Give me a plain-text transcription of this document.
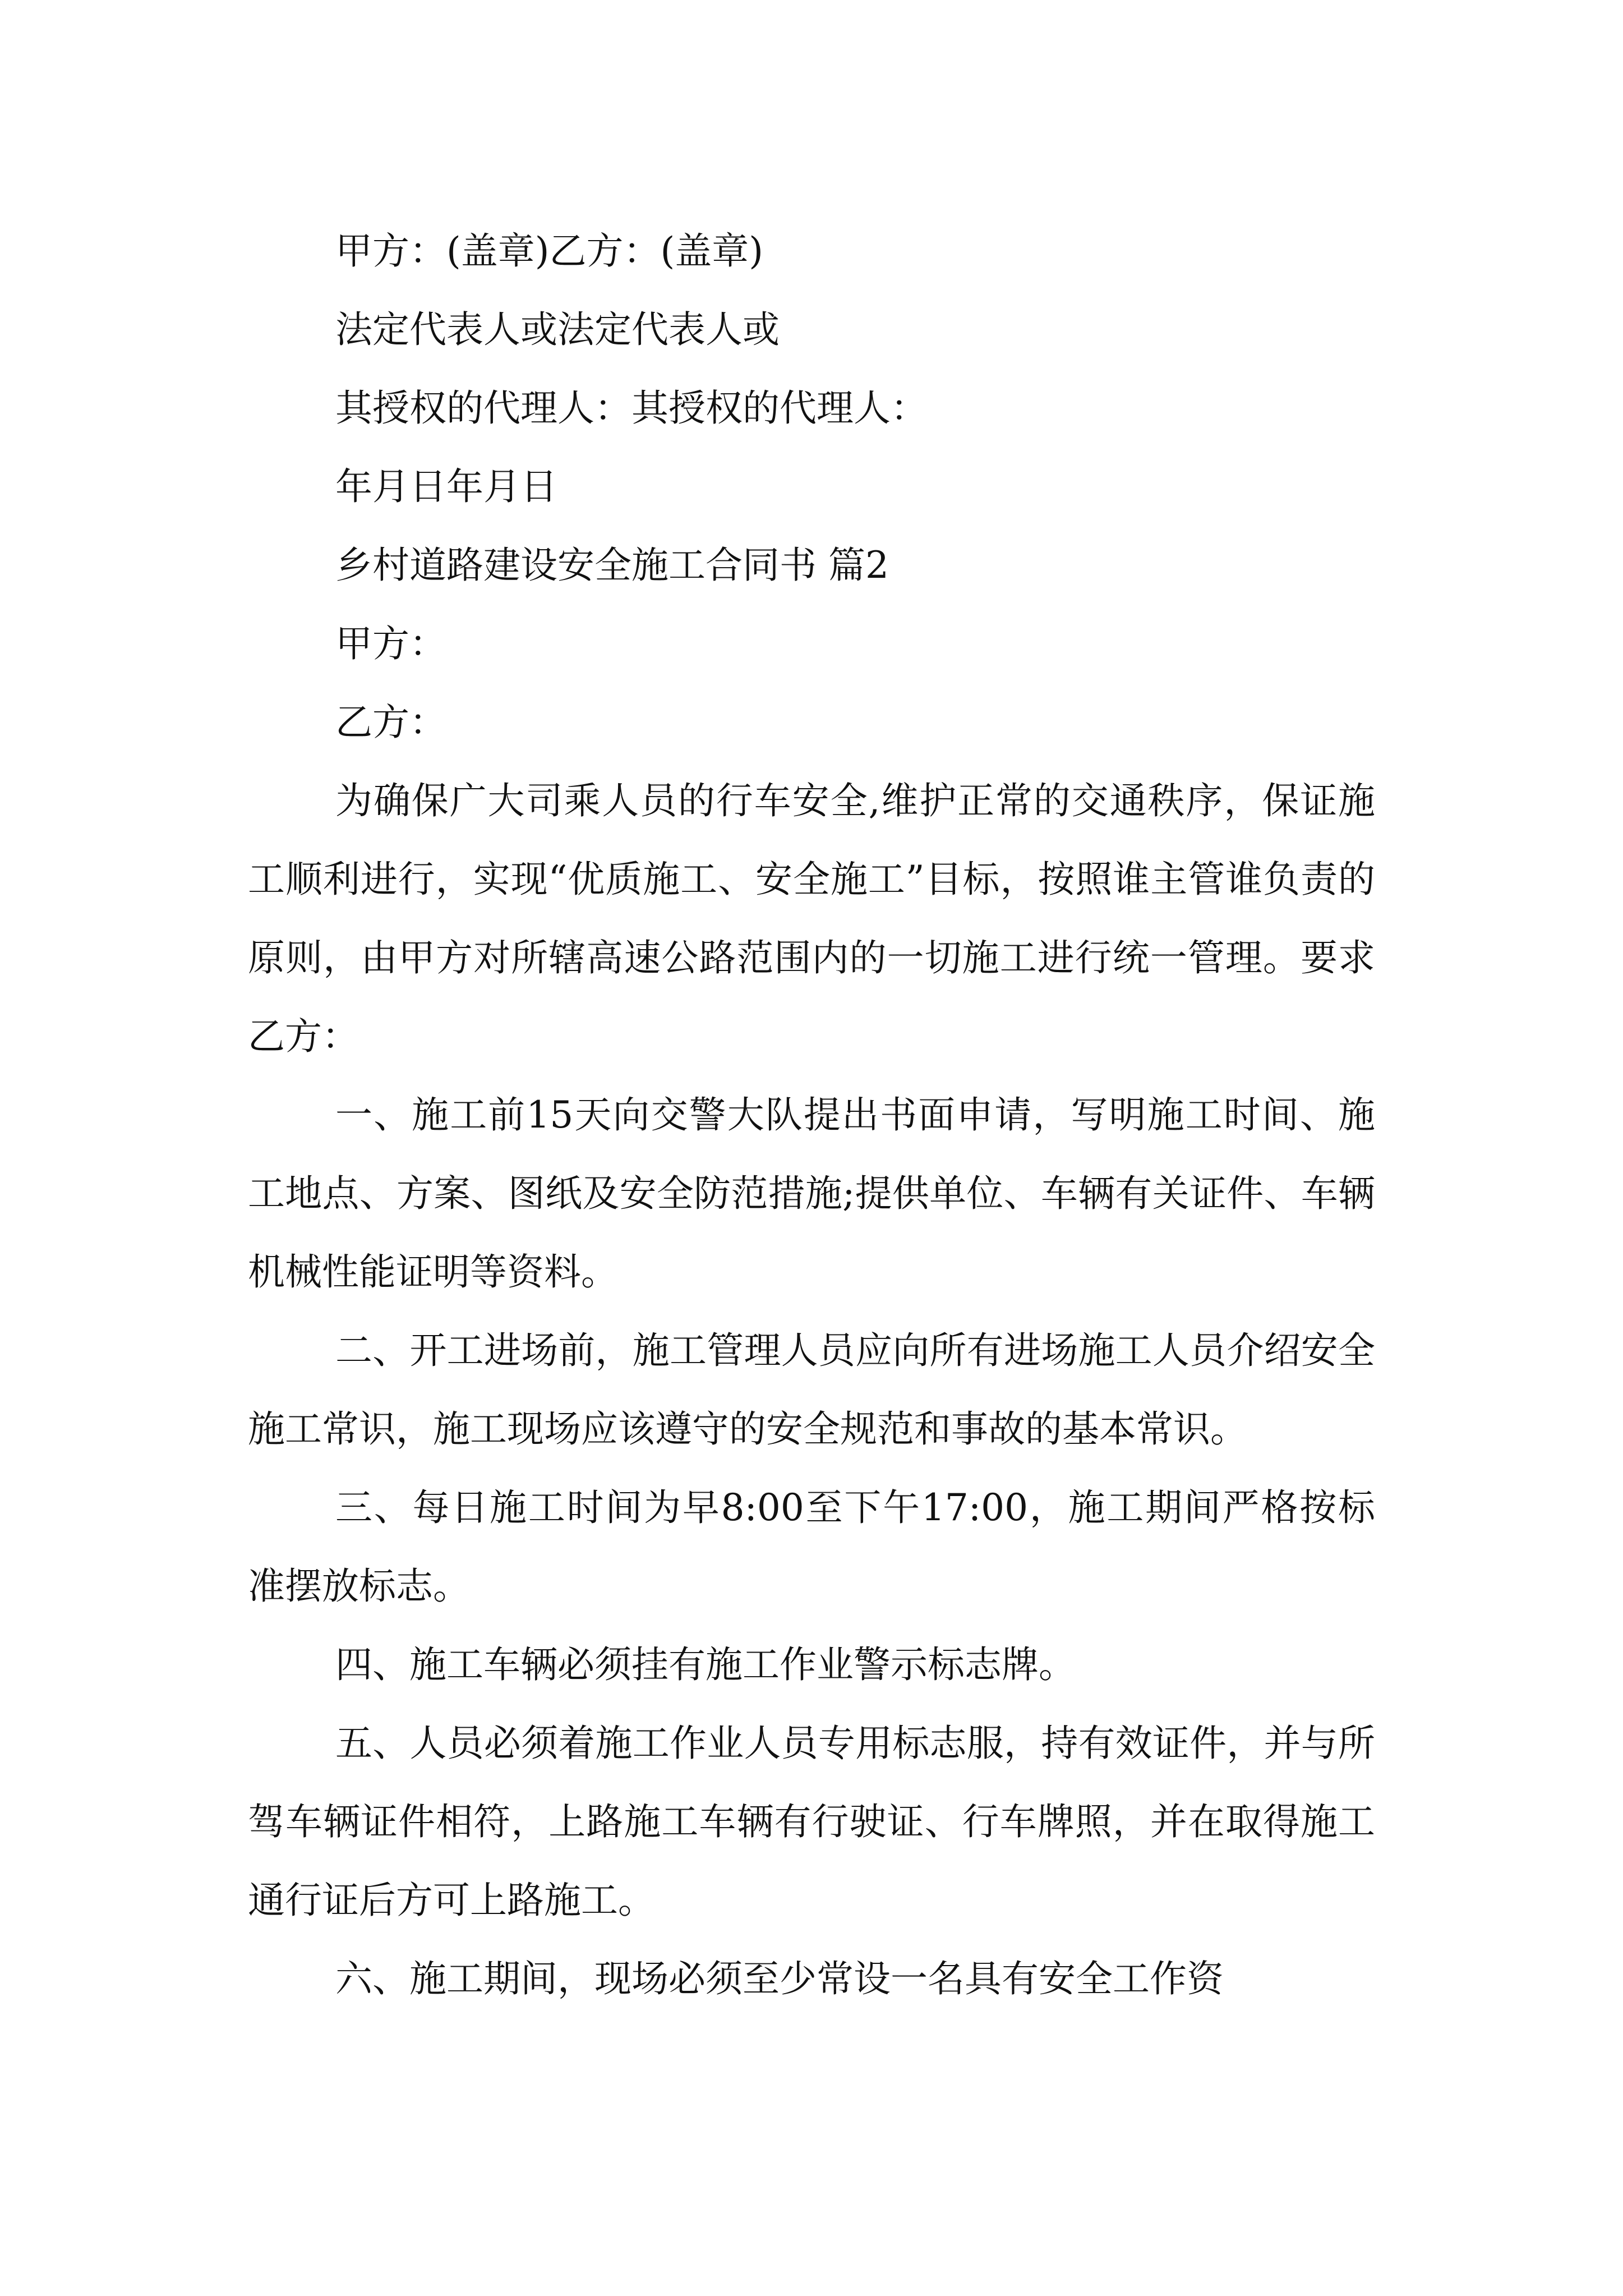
甲方：(盖章)乙方：(盖章)

法定代表人或法定代表人或

其授权的代理人：其授权的代理人：

年月日年月日

乡村道路建设安全施工合同书 篇2

甲方：

乙方：

为确保广大司乘人员的行车安全,维护正常的交通秩序，保证施工顺利进行，实现“优质施工、安全施工”目标，按照谁主管谁负责的原则，由甲方对所辖高速公路范围内的一切施工进行统一管理。要求乙方：

一、施工前15天向交警大队提出书面申请，写明施工时间、施工地点、方案、图纸及安全防范措施;提供单位、车辆有关证件、车辆机械性能证明等资料。

二、开工进场前，施工管理人员应向所有进场施工人员介绍安全施工常识，施工现场应该遵守的安全规范和事故的基本常识。

三、每日施工时间为早8:00至下午17:00，施工期间严格按标准摆放标志。

四、施工车辆必须挂有施工作业警示标志牌。

五、人员必须着施工作业人员专用标志服，持有效证件，并与所驾车辆证件相符，上路施工车辆有行驶证、行车牌照，并在取得施工通行证后方可上路施工。

六、施工期间，现场必须至少常设一名具有安全工作资
